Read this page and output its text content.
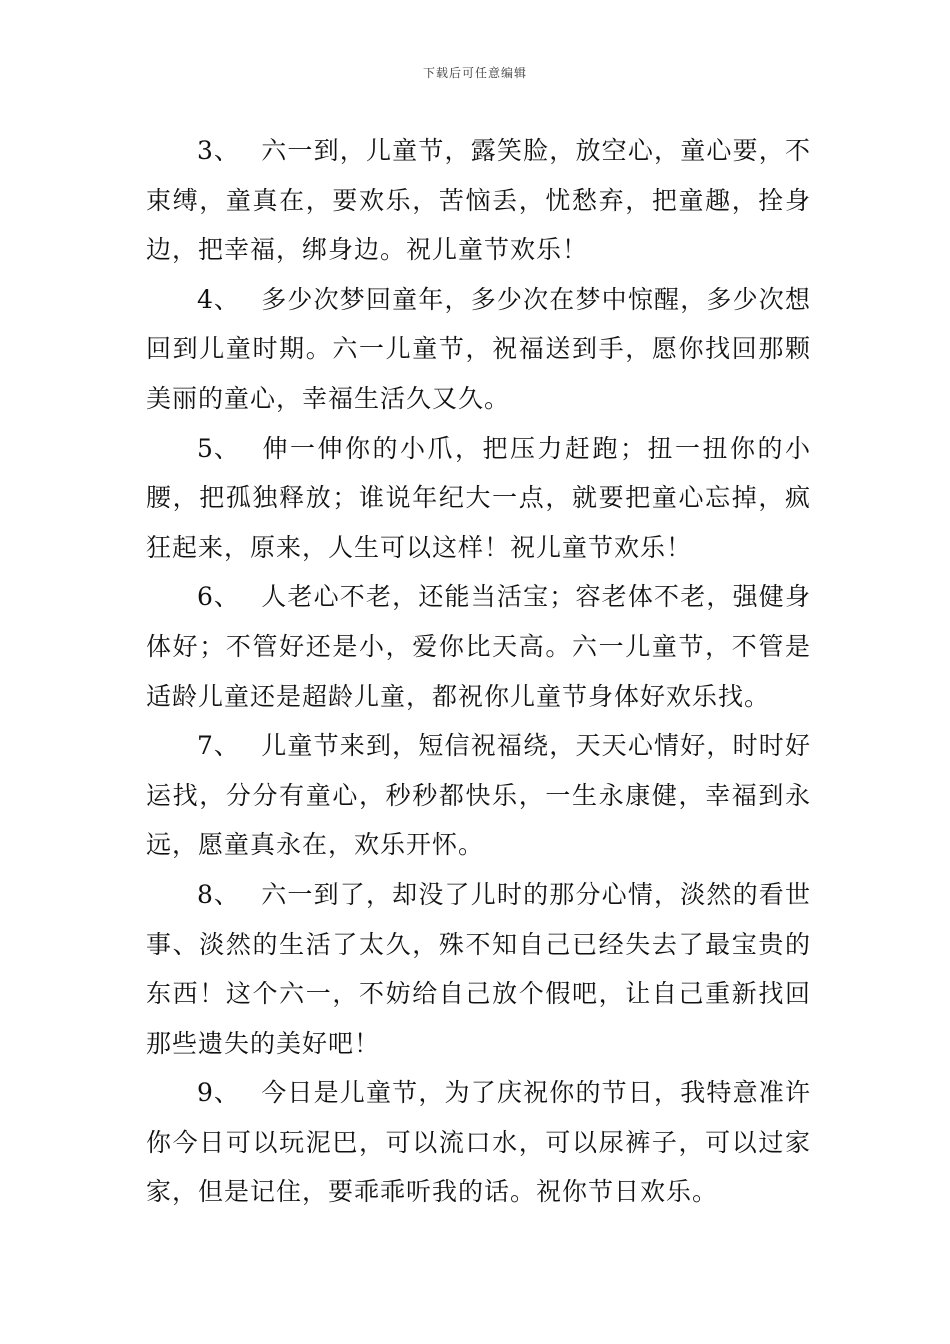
下载后可任意编辑

3、 六一到，儿童节，露笑脸，放空心，童心要，不束缚，童真在，要欢乐，苦恼丢，忧愁弃，把童趣，拴身边，把幸福，绑身边。祝儿童节欢乐！

4、 多少次梦回童年，多少次在梦中惊醒，多少次想回到儿童时期。六一儿童节，祝福送到手，愿你找回那颗美丽的童心，幸福生活久又久。

5、 伸一伸你的小爪，把压力赶跑；扭一扭你的小腰，把孤独释放；谁说年纪大一点，就要把童心忘掉，疯狂起来，原来，人生可以这样！祝儿童节欢乐！

6、 人老心不老，还能当活宝；容老体不老，强健身体好；不管好还是小，爱你比天高。六一儿童节，不管是适龄儿童还是超龄儿童，都祝你儿童节身体好欢乐找。

7、 儿童节来到，短信祝福绕，天天心情好，时时好运找，分分有童心，秒秒都快乐，一生永康健，幸福到永远，愿童真永在，欢乐开怀。

8、 六一到了，却没了儿时的那分心情，淡然的看世事、淡然的生活了太久，殊不知自己已经失去了最宝贵的东西！这个六一，不妨给自己放个假吧，让自己重新找回那些遗失的美好吧！

9、 今日是儿童节，为了庆祝你的节日，我特意准许你今日可以玩泥巴，可以流口水，可以尿裤子，可以过家家，但是记住，要乖乖听我的话。祝你节日欢乐。
